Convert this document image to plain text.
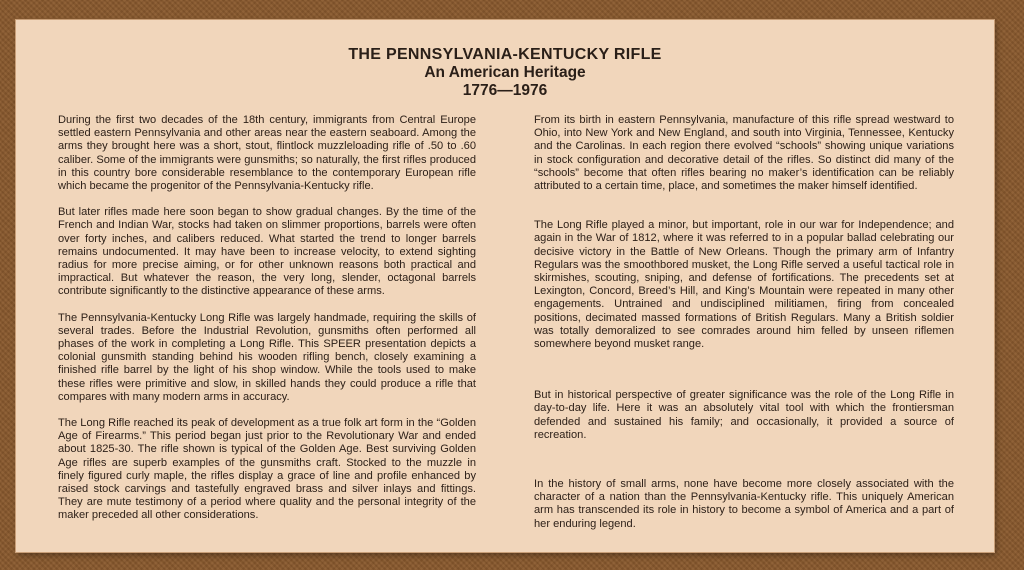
THE PENNSYLVANIA-KENTUCKY RIFLE
An American Heritage
1776—1976

During the first two decades of the 18th century, immigrants from Central Europe settled eastern Pennsylvania and other areas near the eastern seaboard. Among the arms they brought here was a short, stout, flintlock muzzleloading rifle of .50 to .60 caliber. Some of the immigrants were gunsmiths; so naturally, the first rifles produced in this country bore considerable resemblance to the contemporary European rifle which became the progenitor of the Pennsylvania-Kentucky rifle.

But later rifles made here soon began to show gradual changes. By the time of the French and Indian War, stocks had taken on slimmer proportions, barrels were often over forty inches, and calibers reduced. What started the trend to longer barrels remains undocumented. It may have been to increase velocity, to extend sighting radius for more precise aiming, or for other unknown reasons both practical and impractical. But whatever the reason, the very long, slender, octagonal barrels contribute significantly to the distinctive appearance of these arms.

The Pennsylvania-Kentucky Long Rifle was largely handmade, requiring the skills of several trades. Before the Industrial Revolution, gunsmiths often performed all phases of the work in completing a Long Rifle. This SPEER presentation depicts a colonial gunsmith standing behind his wooden rifling bench, closely examining a finished rifle barrel by the light of his shop window. While the tools used to make these rifles were primitive and slow, in skilled hands they could produce a rifle that compares with many modern arms in accuracy.

The Long Rifle reached its peak of development as a true folk art form in the “Golden Age of Firearms.” This period began just prior to the Revolutionary War and ended about 1825-30. The rifle shown is typical of the Golden Age. Best surviving Golden Age rifles are superb examples of the gunsmiths craft. Stocked to the muzzle in finely figured curly maple, the rifles display a grace of line and profile enhanced by raised stock carvings and tastefully engraved brass and silver inlays and fittings. They are mute testimony of a period where quality and the personal integrity of the maker preceded all other considerations.

From its birth in eastern Pennsylvania, manufacture of this rifle spread westward to Ohio, into New York and New England, and south into Virginia, Tennessee, Kentucky and the Carolinas. In each region there evolved “schools” showing unique variations in stock configuration and decorative detail of the rifles. So distinct did many of the “schools” become that often rifles bearing no maker’s identification can be reliably attributed to a certain time, place, and sometimes the maker himself identified.

The Long Rifle played a minor, but important, role in our war for Independence; and again in the War of 1812, where it was referred to in a popular ballad celebrating our decisive victory in the Battle of New Orleans. Though the primary arm of Infantry Regulars was the smoothbored musket, the Long Rifle served a useful tactical role in skirmishes, scouting, sniping, and defense of fortifications. The precedents set at Lexington, Concord, Breed’s Hill, and King’s Mountain were repeated in many other engagements. Untrained and undisciplined militiamen, firing from concealed positions, decimated massed formations of British Regulars. Many a British soldier was totally demoralized to see comrades around him felled by unseen riflemen somewhere beyond musket range.

But in historical perspective of greater significance was the role of the Long Rifle in day-to-day life. Here it was an absolutely vital tool with which the frontiersman defended and sustained his family; and occasionally, it provided a source of recreation.

In the history of small arms, none have become more closely associated with the character of a nation than the Pennsylvania-Kentucky rifle. This uniquely American arm has transcended its role in history to become a symbol of America and a part of her enduring legend.
